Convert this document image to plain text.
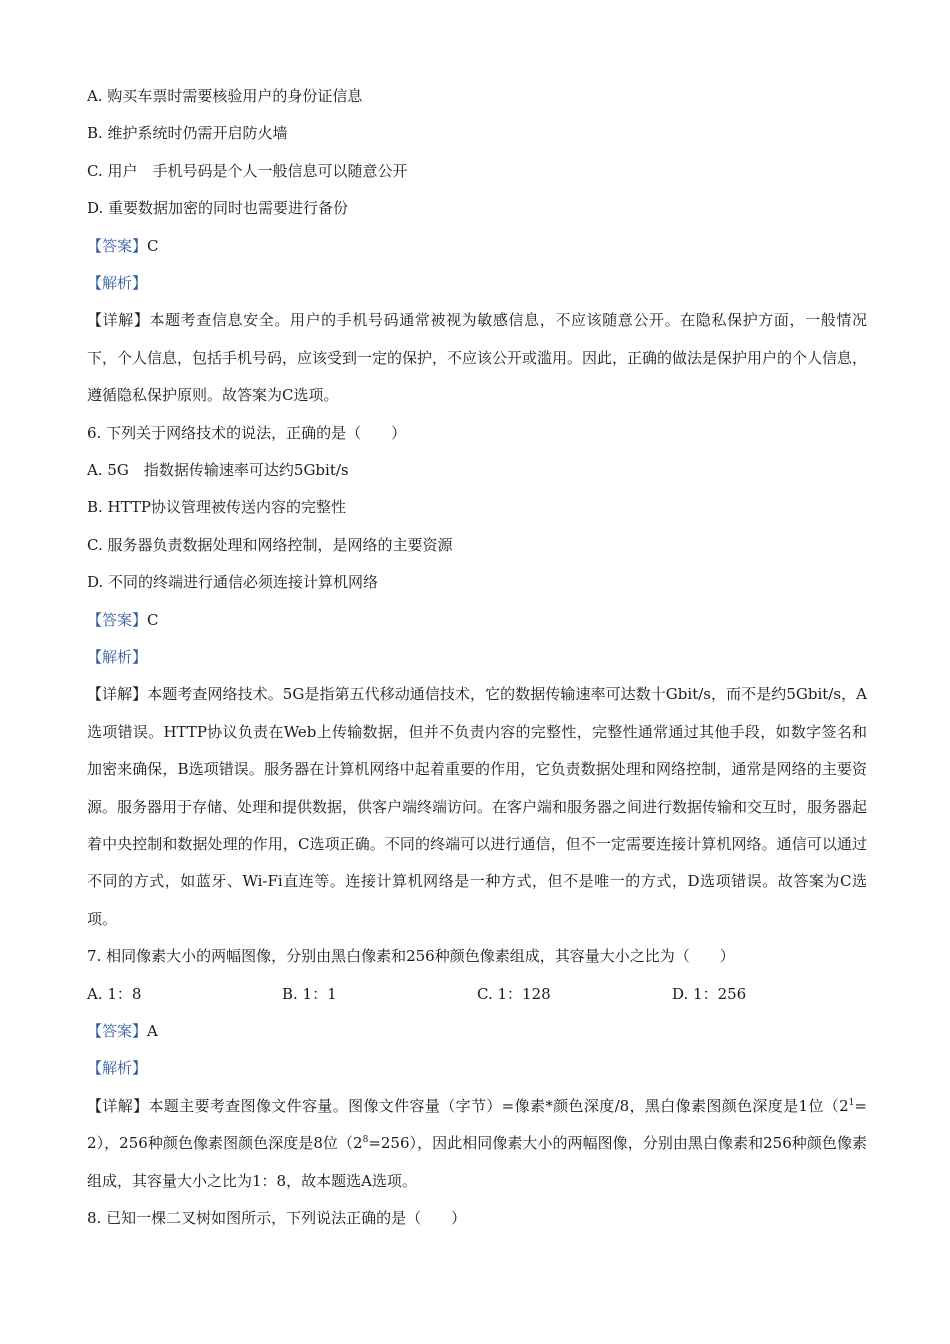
A. 购买车票时需要核验用户的身份证信息
B. 维护系统时仍需开启防火墙
C. 用户　手机号码是个人一般信息可以随意公开
D. 重要数据加密的同时也需要进行备份
【答案】C
【解析】
【详解】本题考查信息安全。用户的手机号码通常被视为敏感信息，不应该随意公开。在隐私保护方面，一般情况下，个人信息，包括手机号码，应该受到一定的保护，不应该公开或滥用。因此，正确的做法是保护用户的个人信息，遵循隐私保护原则。故答案为C选项。
6. 下列关于网络技术的说法，正确的是（　　）
A. 5G　指数据传输速率可达约5Gbit/s
B. HTTP协议管理被传送内容的完整性
C. 服务器负责数据处理和网络控制，是网络的主要资源
D. 不同的终端进行通信必须连接计算机网络
【答案】C
【解析】
【详解】本题考查网络技术。5G是指第五代移动通信技术，它的数据传输速率可达数十Gbit/s，而不是约5Gbit/s，A选项错误。HTTP协议负责在Web上传输数据，但并不负责内容的完整性，完整性通常通过其他手段，如数字签名和加密来确保，B选项错误。服务器在计算机网络中起着重要的作用，它负责数据处理和网络控制，通常是网络的主要资源。服务器用于存储、处理和提供数据，供客户端终端访问。在客户端和服务器之间进行数据传输和交互时，服务器起着中央控制和数据处理的作用，C选项正确。不同的终端可以进行通信，但不一定需要连接计算机网络。通信可以通过不同的方式，如蓝牙、Wi-Fi直连等。连接计算机网络是一种方式，但不是唯一的方式，D选项错误。故答案为C选项。
7. 相同像素大小的两幅图像，分别由黑白像素和256种颜色像素组成，其容量大小之比为（　　）
A. 1：8	B. 1：1	C. 1：128	D. 1：256
【答案】A
【解析】
【详解】本题主要考查图像文件容量。图像文件容量（字节）=像素*颜色深度/8，黑白像素图颜色深度是1位$(2^1=2)$，256种颜色像素图颜色深度是8位$(2^8=256)$，因此相同像素大小的两幅图像，分别由黑白像素和256种颜色像素组成，其容量大小之比为1：8，故本题选A选项。
8. 已知一棵二叉树如图所示，下列说法正确的是（　　）
